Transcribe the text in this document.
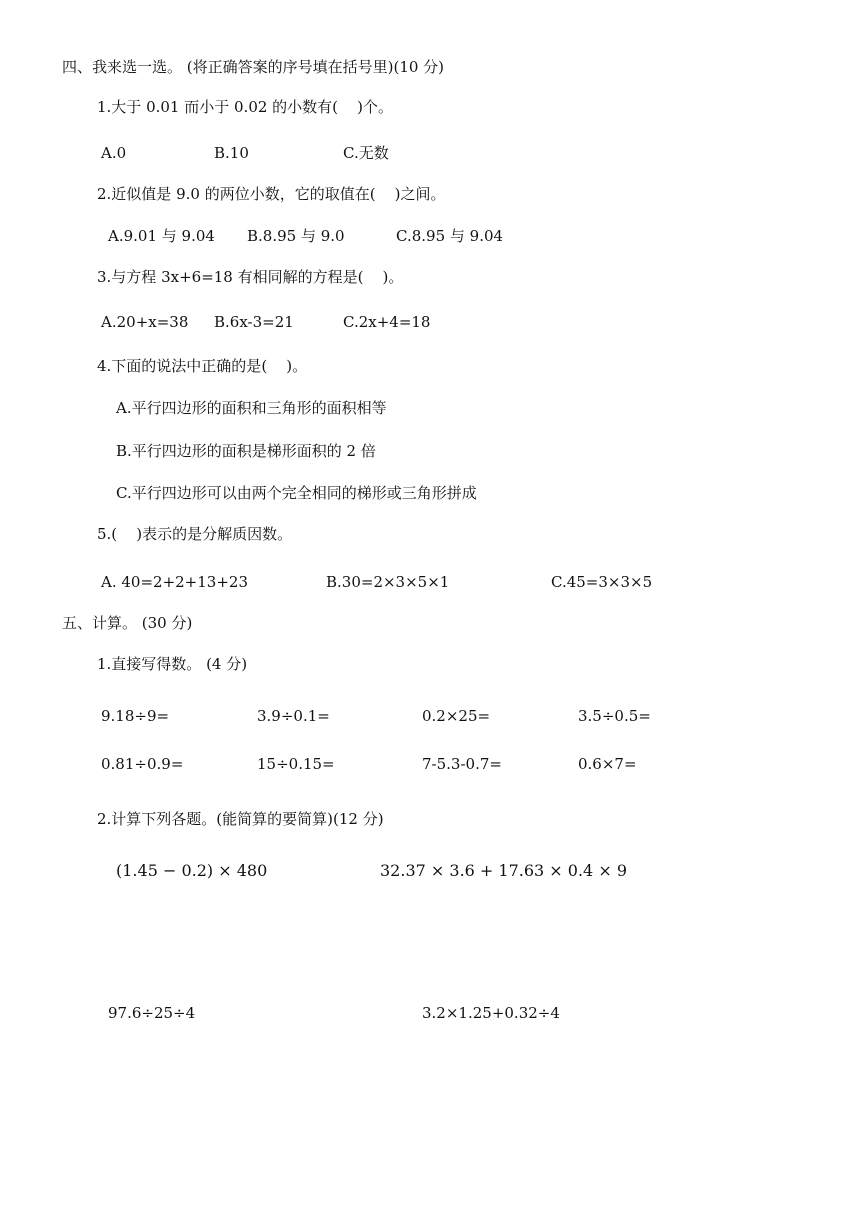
四、我来选一选。 (将正确答案的序号填在括号里)(10 分)
1.大于 0.01 而小于 0.02 的小数有(    )个。
A.0	B.10	C.无数
2.近似值是 9.0 的两位小数，它的取值在(    )之间。
A.9.01 与 9.04 B.8.95 与 9.0	C.8.95 与 9.04
3.与方程 3x+6=18 有相同解的方程是(    )。
A.20+x=38 B.6x-3=21	C.2x+4=18
4.下面的说法中正确的是(    )。
A.平行四边形的面积和三角形的面积相等
B.平行四边形的面积是梯形面积的 2 倍
C.平行四边形可以由两个完全相同的梯形或三角形拼成
5.(    )表示的是分解质因数。
A. 40=2+2+13+23	B.30=2×3×5×1	C.45=3×3×5
五、计算。 (30 分)
1.直接写得数。 (4 分)
9.18÷9=	3.9÷0.1=	0.2×25=	3.5÷0.5=
0.81÷0.9=	15÷0.15=	7-5.3-0.7=	0.6×7=
2.计算下列各题。(能简算的要简算)(12 分)
(1.45 − 0.2) × 480	32.37 × 3.6 + 17.63 × 0.4 × 9
97.6÷25÷4	3.2×1.25+0.32÷4
